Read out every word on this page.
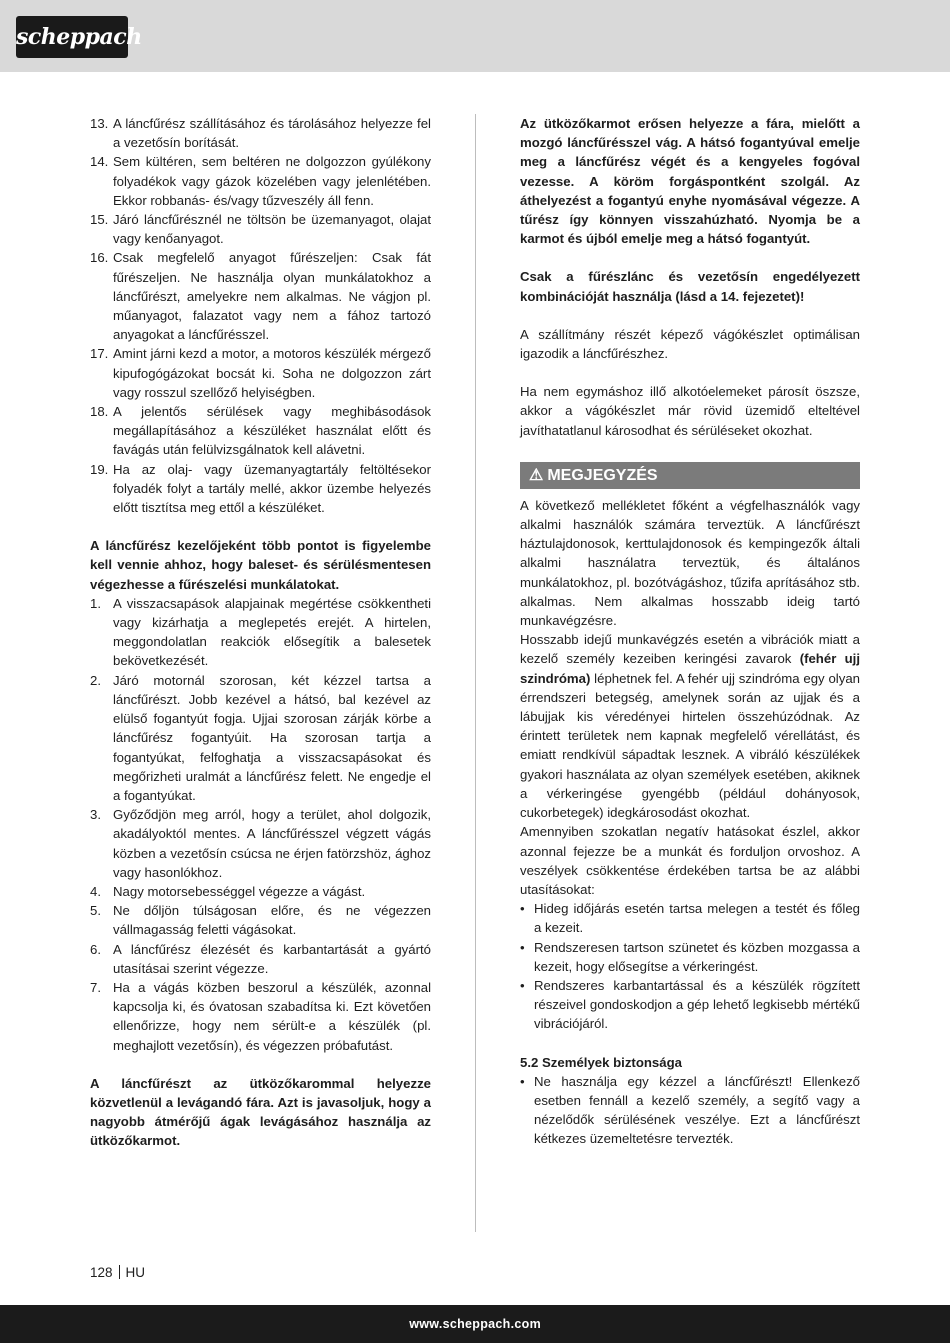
scheppach
13. A láncfűrész szállításához és tárolásához helyezze fel a vezetősín borítását.
14. Sem kültéren, sem beltéren ne dolgozzon gyúlékony folyadékok vagy gázok közelében vagy jelenlétében. Ekkor robbanás- és/vagy tűzveszély áll fenn.
15. Járó láncfűrésznél ne töltsön be üzemanyagot, olajat vagy kenőanyagot.
16. Csak megfelelő anyagot fűrészeljen: Csak fát fűrészeljen. Ne használja olyan munkálatokhoz a láncfűrészt, amelyekre nem alkalmas. Ne vágjon pl. műanyagot, falazatot vagy nem a fához tartozó anyagokat a láncfűrésszel.
17. Amint járni kezd a motor, a motoros készülék mérgező kipufogógázokat bocsát ki. Soha ne dolgozzon zárt vagy rosszul szellőző helyiségben.
18. A jelentős sérülések vagy meghibásodások megállapításához a készüléket használat előtt és favágás után felülvizsgálnatok kell alávetni.
19. Ha az olaj- vagy üzemanyagtartály feltöltésekor folyadék folyt a tartály mellé, akkor üzembe helyezés előtt tisztítsa meg ettől a készüléket.

A láncfűrész kezelőjeként több pontot is figyelembe kell vennie ahhoz, hogy baleset- és sérülésmentesen végezhesse a fűrészelési munkálatokat.

1. A visszacsapások alapjainak megértése csökkentheti vagy kizárhatja a meglepetés erejét. A hirtelen, meggondolatlan reakciók elősegítik a balesetek bekövetkezését.
2. Járó motornál szorosan, két kézzel tartsa a láncfűrészt. Jobb kezével a hátsó, bal kezével az elülső fogantyút fogja. Ujjai szorosan zárják körbe a láncfűrész fogantyúit. Ha szorosan tartja a fogantyúkat, felfoghatja a visszacsapásokat és megőrizheti uralmát a láncfűrész felett. Ne engedje el a fogantyúkat.
3. Győződjön meg arról, hogy a terület, ahol dolgozik, akadályoktól mentes. A láncfűrésszel végzett vágás közben a vezetősín csúcsa ne érjen fatörzshöz, ághoz vagy hasonlókhoz.
4. Nagy motorsebességgel végezze a vágást.
5. Ne dőljön túlságosan előre, és ne végezzen vállmagasság feletti vágásokat.
6. A láncfűrész élezését és karbantartását a gyártó utasításai szerint végezze.
7. Ha a vágás közben beszorul a készülék, azonnal kapcsolja ki, és óvatosan szabadítsa ki. Ezt követően ellenőrizze, hogy nem sérült-e a készülék (pl. meghajlott vezetősín), és végezzen próbafutást.

A láncfűrészt az ütközőkarommal helyezze közvetlenül a levágandó fára. Azt is javasoljuk, hogy a nagyobb átmérőjű ágak levágásához használja az ütközőkarmot.

Az ütközőkarmot erősen helyezze a fára, mielőtt a mozgó láncfűrésszel vág. A hátsó fogantyúval emelje meg a láncfűrész végét és a kengyeles fogóval vezesse. A köröm forgáspontként szolgál. Az áthelyezést a fogantyú enyhe nyomásával végezze. A tűrész így könnyen visszahúzható. Nyomja be a karmot és újból emelje meg a hátsó fogantyút.

Csak a fűrészlánc és vezetősín engedélyezett kombinációját használja (lásd a 14. fejezetet)!

A szállítmány részét képező vágókészlet optimálisan igazodik a láncfűrészhez.

Ha nem egymáshoz illő alkotóelemeket párosít öszsze, akkor a vágókészlet már rövid üzemidő elteltével javíthatatlanul károsodhat és sérüléseket okozhat.

⚠ MEGJEGYZÉS

A következő mellékletet főként a végfelhasználók vagy alkalmi használók számára terveztük. A láncfűrészt háztulajdonosok, kerttulajdonosok és kempingezők általi alkalmi használatra terveztük, és általános munkálatokhoz, pl. bozótvágáshoz, tűzifa aprításához stb. alkalmas. Nem alkalmas hosszabb ideig tartó munkavégzésre.

Hosszabb idejű munkavégzés esetén a vibrációk miatt a kezelő személy kezeiben keringési zavarok (fehér ujj szindróma) léphetnek fel. A fehér ujj szindróma egy olyan érrendszeri betegség, amelynek során az ujjak és a lábujjak kis véredényei hirtelen összehúzódnak. Az érintett területek nem kapnak megfelelő vérellátást, és emiatt rendkívül sápadtak lesznek. A vibráló készülékek gyakori használata az olyan személyek esetében, akiknek a vérkeringése gyengébb (például dohányosok, cukorbetegek) idegkárosodást okozhat.

Amennyiben szokatlan negatív hatásokat észlel, akkor azonnal fejezze be a munkát és forduljon orvoshoz. A veszélyek csökkentése érdekében tartsa be az alábbi utasításokat:

• Hideg időjárás esetén tartsa melegen a testét és főleg a kezeit.
• Rendszeresen tartson szünetet és közben mozgassa a kezeit, hogy elősegítse a vérkeringést.
• Rendszeres karbantartással és a készülék rögzített részeivel gondoskodjon a gép lehető legkisebb mértékű vibrációjáról.

5.2 Személyek biztonsága

• Ne használja egy kézzel a láncfűrészt! Ellenkező esetben fennáll a kezelő személy, a segítő vagy a nézelődők sérülésének veszélye. Ezt a láncfűrészt kétkezes üzemeltetésre tervezték.
128 HU
www.scheppach.com
